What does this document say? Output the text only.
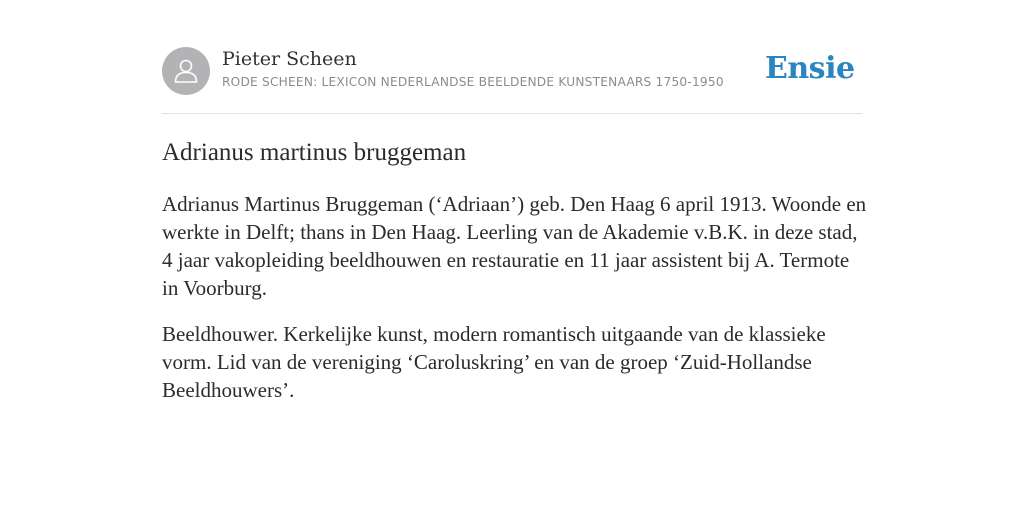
Pieter Scheen
RODE SCHEEN: LEXICON NEDERLANDSE BEELDENDE KUNSTENAARS 1750-1950 Ensie
Adrianus martinus bruggeman

Adrianus Martinus Bruggeman (‘Adriaan’) geb. Den Haag 6 april 1913. Woonde en werkte in Delft; thans in Den Haag. Leerling van de Akademie v.B.K. in deze stad, 4 jaar vakopleiding beeldhouwen en restauratie en 11 jaar assistent bij A. Termote in Voorburg.

Beeldhouwer. Kerkelijke kunst, modern romantisch uitgaande van de klassieke vorm. Lid van de vereniging ‘Caroluskring’ en van de groep ‘Zuid-Hollandse Beeldhouwers’.
